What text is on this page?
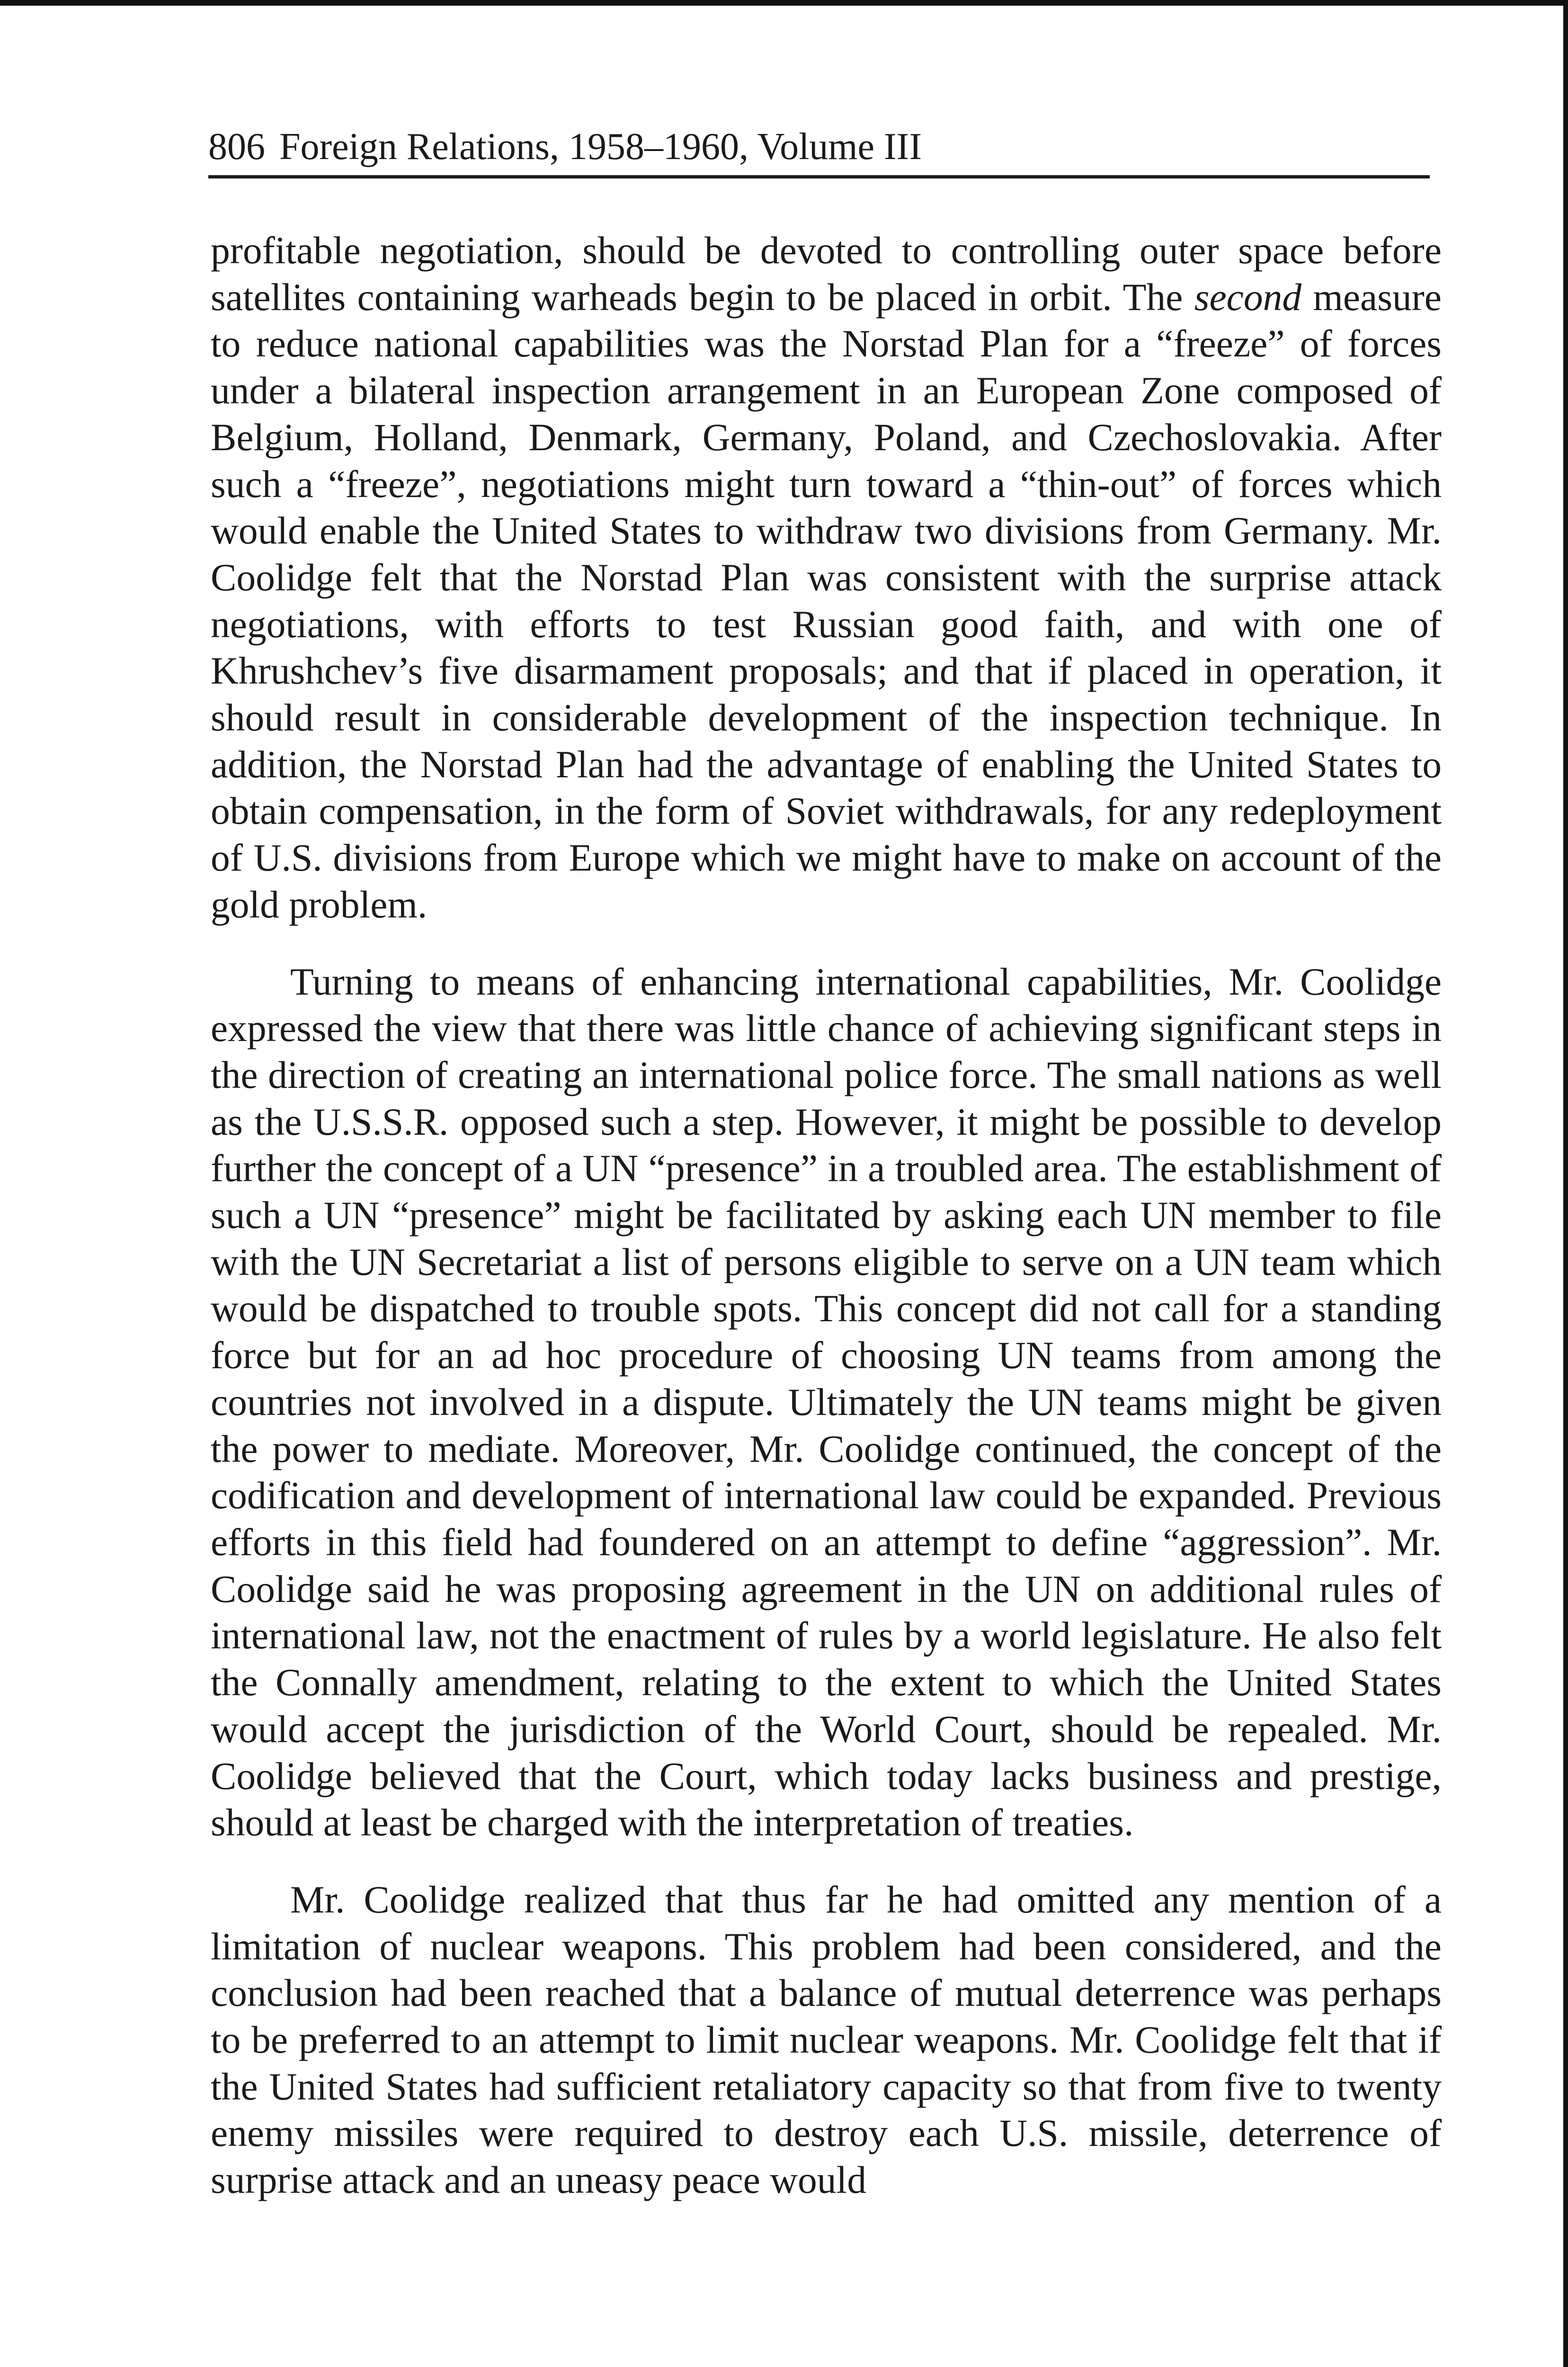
806 Foreign Relations, 1958–1960, Volume III

profitable negotiation, should be devoted to controlling outer space before satellites containing warheads begin to be placed in orbit. The second measure to reduce national capabilities was the Norstad Plan for a “freeze” of forces under a bilateral inspection arrangement in an European Zone composed of Belgium, Holland, Denmark, Germany, Poland, and Czechoslovakia. After such a “freeze”, negotiations might turn toward a “thin-out” of forces which would enable the United States to withdraw two divisions from Germany. Mr. Coolidge felt that the Norstad Plan was consistent with the surprise attack negotiations, with efforts to test Russian good faith, and with one of Khrushchev’s five disarmament proposals; and that if placed in operation, it should result in considerable development of the inspection technique. In addition, the Norstad Plan had the advantage of enabling the United States to obtain compensation, in the form of Soviet withdrawals, for any redeployment of U.S. divisions from Europe which we might have to make on account of the gold problem.

Turning to means of enhancing international capabilities, Mr. Coolidge expressed the view that there was little chance of achieving significant steps in the direction of creating an international police force. The small nations as well as the U.S.S.R. opposed such a step. However, it might be possible to develop further the concept of a UN “presence” in a troubled area. The establishment of such a UN “presence” might be facilitated by asking each UN member to file with the UN Secretariat a list of persons eligible to serve on a UN team which would be dispatched to trouble spots. This concept did not call for a standing force but for an ad hoc procedure of choosing UN teams from among the countries not involved in a dispute. Ultimately the UN teams might be given the power to mediate. Moreover, Mr. Coolidge continued, the concept of the codification and development of international law could be expanded. Previous efforts in this field had foundered on an attempt to define “aggression”. Mr. Coolidge said he was proposing agreement in the UN on additional rules of international law, not the enactment of rules by a world legislature. He also felt the Connally amendment, relating to the extent to which the United States would accept the jurisdiction of the World Court, should be repealed. Mr. Coolidge believed that the Court, which today lacks business and prestige, should at least be charged with the interpretation of treaties.

Mr. Coolidge realized that thus far he had omitted any mention of a limitation of nuclear weapons. This problem had been considered, and the conclusion had been reached that a balance of mutual deterrence was perhaps to be preferred to an attempt to limit nuclear weapons. Mr. Coolidge felt that if the United States had sufficient retaliatory capacity so that from five to twenty enemy missiles were required to destroy each U.S. missile, deterrence of surprise attack and an uneasy peace would
